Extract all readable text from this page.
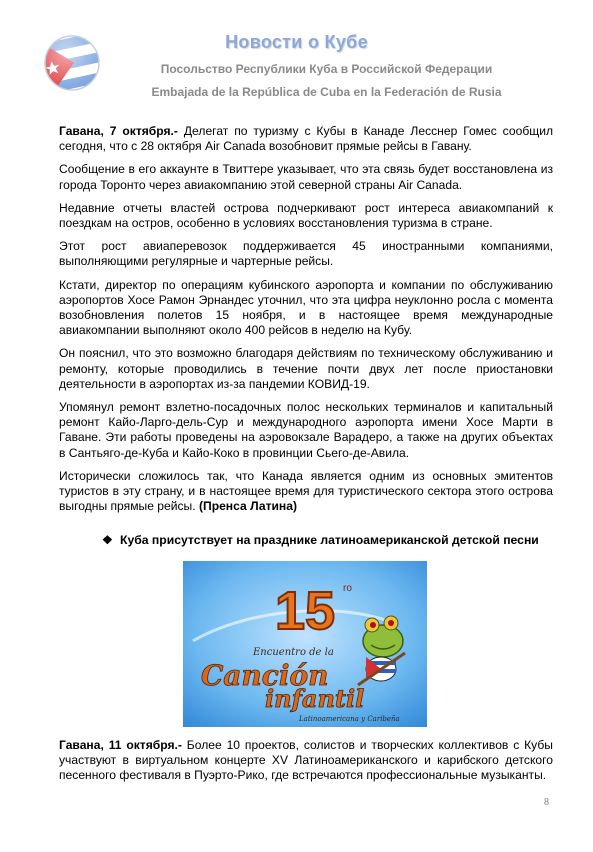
Новости о Кубе
Посольство Республики Куба в Российской Федерации
Embajada de la República de Cuba en la Federación de Rusia

Гавана, 7 октября.- Делегат по туризму с Кубы в Канаде Лесснер Гомес сообщил сегодня, что с 28 октября Air Canada возобновит прямые рейсы в Гавану.

Сообщение в его аккаунте в Твиттере указывает, что эта связь будет восстановлена из города Торонто через авиакомпанию этой северной страны Air Canada.

Недавние отчеты властей острова подчеркивают рост интереса авиакомпаний к поездкам на остров, особенно в условиях восстановления туризма в стране.

Этот рост авиаперевозок поддерживается 45 иностранными компаниями, выполняющими регулярные и чартерные рейсы.

Кстати, директор по операциям кубинского аэропорта и компании по обслуживанию аэропортов Хосе Рамон Эрнандес уточнил, что эта цифра неуклонно росла с момента возобновления полетов 15 ноября, и в настоящее время международные авиакомпании выполняют около 400 рейсов в неделю на Кубу.

Он пояснил, что это возможно благодаря действиям по техническому обслуживанию и ремонту, которые проводились в течение почти двух лет после приостановки деятельности в аэропортах из-за пандемии КОВИД-19.

Упомянул ремонт взлетно-посадочных полос нескольких терминалов и капитальный ремонт Кайо-Ларго-дель-Сур и международного аэропорта имени Хосе Марти в Гаване. Эти работы проведены на аэровокзале Варадеро, а также на других объектах в Сантьяго-де-Куба и Кайо-Коко в провинции Сьего-де-Авила.

Исторически сложилось так, что Канада является одним из основных эмитентов туристов в эту страну, и в настоящее время для туристического сектора этого острова выгодны прямые рейсы. (Пренса Латина)

❖ Куба присутствует на празднике латиноамериканской детской песни
15 ro
Encuentro de la
Canción
infantil
Latinoamericana y Caribeña

Гавана, 11 октября.- Более 10 проектов, солистов и творческих коллективов с Кубы участвуют в виртуальном концерте XV Латиноамериканского и карибского детского песенного фестиваля в Пуэрто-Рико, где встречаются профессиональные музыканты.

8
